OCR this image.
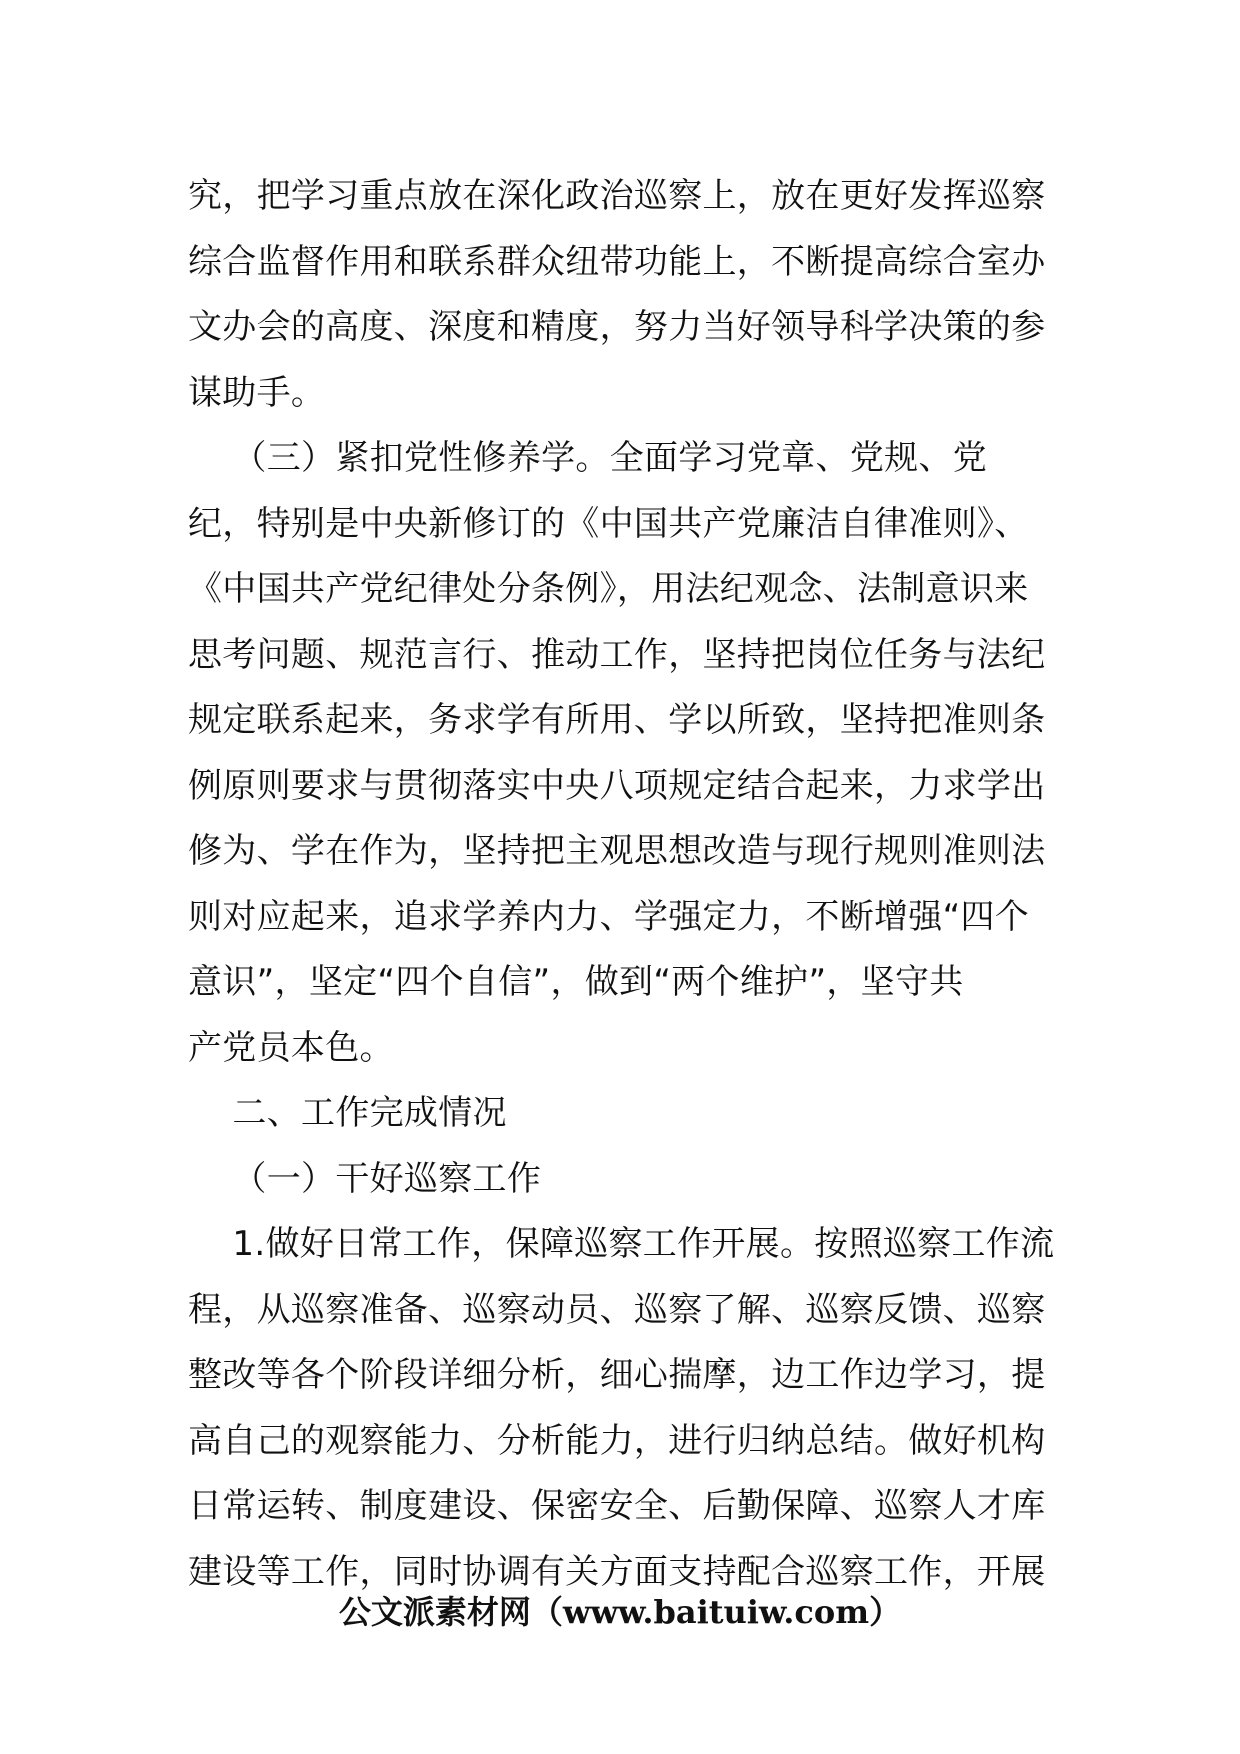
究，把学习重点放在深化政治巡察上，放在更好发挥巡察
综合监督作用和联系群众纽带功能上，不断提高综合室办
文办会的高度、深度和精度，努力当好领导科学决策的参
谋助手。
（三）紧扣党性修养学。全面学习党章、党规、党
纪，特别是中央新修订的《中国共产党廉洁自律准则》、
《中国共产党纪律处分条例》，用法纪观念、法制意识来
思考问题、规范言行、推动工作，坚持把岗位任务与法纪
规定联系起来，务求学有所用、学以所致，坚持把准则条
例原则要求与贯彻落实中央八项规定结合起来，力求学出
修为、学在作为，坚持把主观思想改造与现行规则准则法
则对应起来，追求学养内力、学强定力，不断增强“四个
意识”，坚定“四个自信”，做到“两个维护”，坚守共
产党员本色。
二、工作完成情况
（一）干好巡察工作
1.做好日常工作，保障巡察工作开展。按照巡察工作流
程，从巡察准备、巡察动员、巡察了解、巡察反馈、巡察
整改等各个阶段详细分析，细心揣摩，边工作边学习，提
高自己的观察能力、分析能力，进行归纳总结。做好机构
日常运转、制度建设、保密安全、后勤保障、巡察人才库
建设等工作，同时协调有关方面支持配合巡察工作，开展
公文派素材网（www.baituiw.com）
